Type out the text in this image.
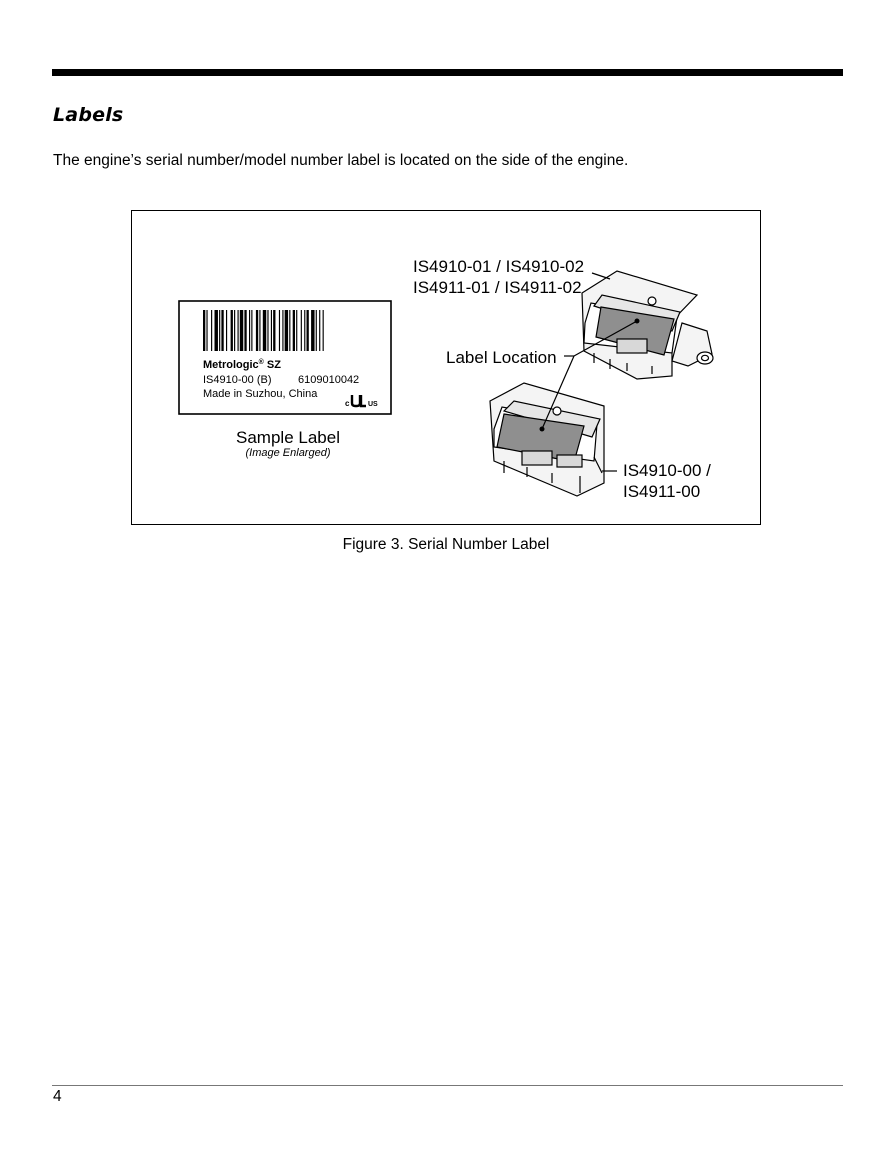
Labels

The engine’s serial number/model number label is located on the side of the engine.

Metrologic® SZ
IS4910-00 (B) 6109010042
Made in Suzhou, China
c	US
Sample Label
(Image Enlarged)
IS4910-01 / IS4910-02
IS4911-01 / IS4911-02
Label Location
IS4910-00 /
IS4911-00

Figure 3. Serial Number Label

4
